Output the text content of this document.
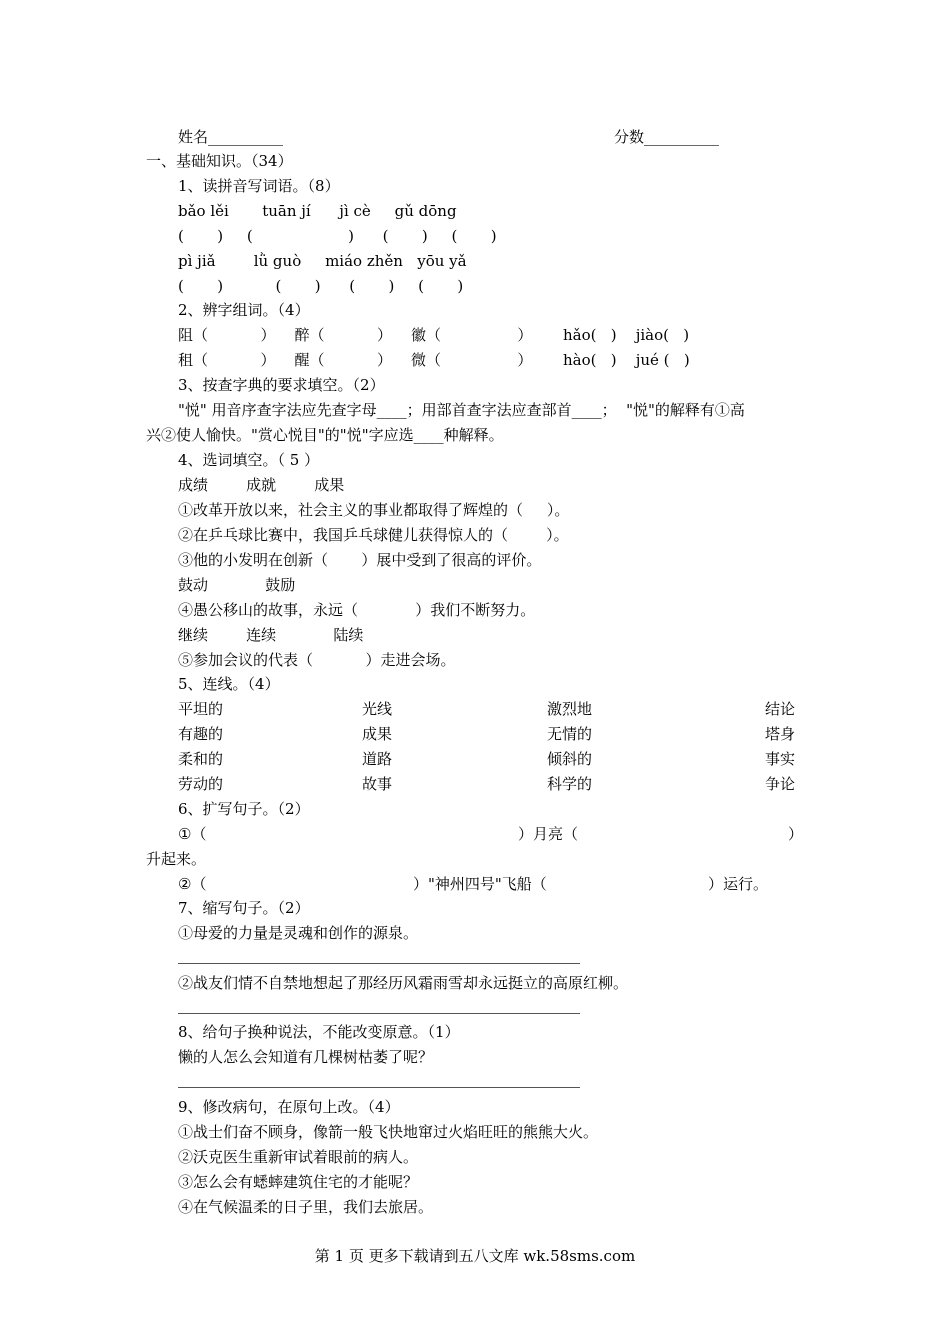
姓名__________	分数__________
一、基础知识。（34）
1、读拼音写词语。（8）
bǎo lěi       tuān jí      jì cè     gǔ dōng
(       )     (                    )      (       )     (       )
pì jiǎ        lǜ guò     miáo zhěn   yōu yǎ
(       )           (       )      (       )     (       )
2、辨字组词。（4）
阻（           ）    醉（           ）    徽（                ） hǎo(   )    jiào(   )
租（           ）    醒（           ）    微（                ） hào(   )    jué (   )
3、按查字典的要求填空。（2）
"悦" 用音序查字法应先查字母____；用部首查字法应查部首____；  "悦"的解释有①高
兴②使人愉快。"赏心悦目"的"悦"字应选____种解释。
4、选词填空。（ 5 ）
成绩        成就        成果
①改革开放以来，社会主义的事业都取得了辉煌的（     ）。
②在乒乓球比赛中，我国乒乓球健儿获得惊人的（        ）。
③他的小发明在创新（       ）展中受到了很高的评价。
鼓动            鼓励
④愚公移山的故事，永远（            ）我们不断努力。
继续        连续            陆续
⑤参加会议的代表（           ）走进会场。
5、连线。（4）
平坦的	光线	激烈地	结论
有趣的	成果	无情的	塔身
柔和的	道路	倾斜的	事实
劳动的	故事	科学的	争论
6、扩写句子。（2）
①（	）月亮（	）
升起来。
②（	）"神州四号"飞船（	）运行。
7、缩写句子。（2）
①母爱的力量是灵魂和创作的源泉。
②战友们情不自禁地想起了那经历风霜雨雪却永远挺立的高原红柳。
8、给句子换种说法，不能改变原意。（1）
懒的人怎么会知道有几棵树枯萎了呢？
9、修改病句，在原句上改。（4）
①战士们奋不顾身，像箭一般飞快地窜过火焰旺旺的熊熊大火。
②沃克医生重新审试着眼前的病人。
③怎么会有蟋蟀建筑住宅的才能呢？
④在气候温柔的日子里，我们去旅居。
第 1 页 更多下载请到五八文库 wk.58sms.com
